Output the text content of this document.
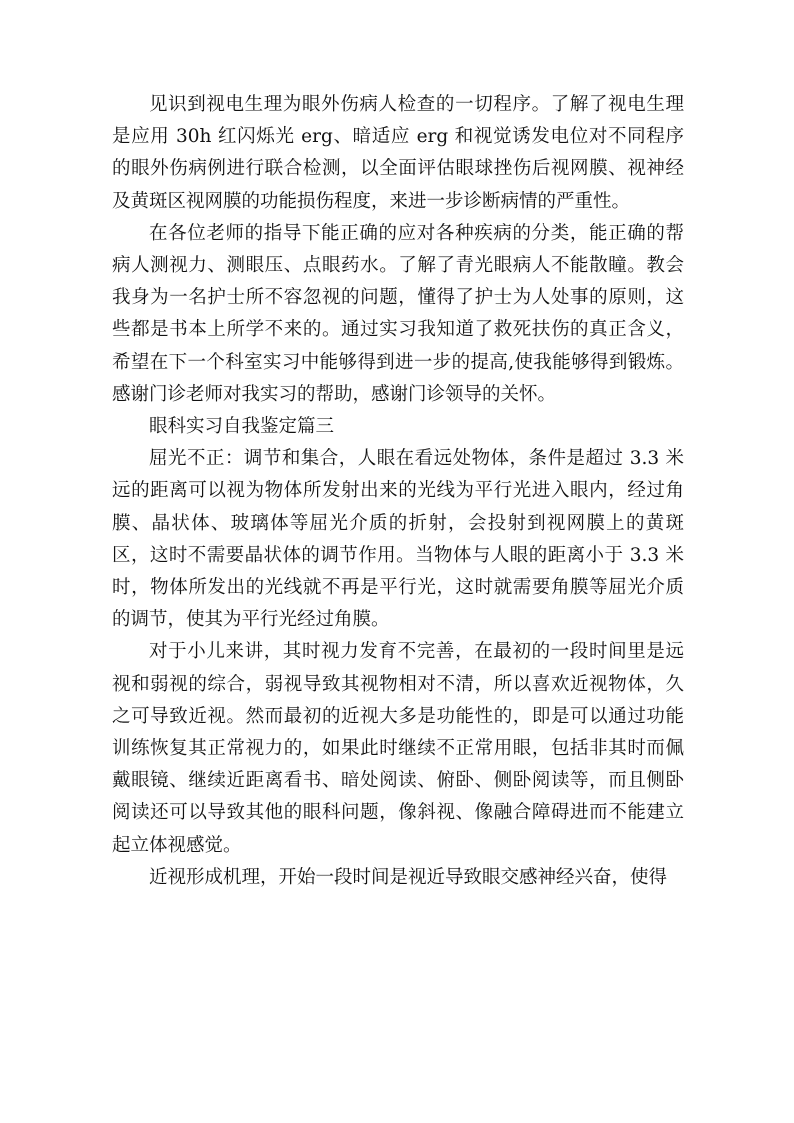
见识到视电生理为眼外伤病人检查的一切程序。了解了视电生理是应用 30h 红闪烁光 erg、暗适应 erg 和视觉诱发电位对不同程序的眼外伤病例进行联合检测，以全面评估眼球挫伤后视网膜、视神经及黄斑区视网膜的功能损伤程度，来进一步诊断病情的严重性。

在各位老师的指导下能正确的应对各种疾病的分类，能正确的帮病人测视力、测眼压、点眼药水。了解了青光眼病人不能散瞳。教会我身为一名护士所不容忽视的问题，懂得了护士为人处事的原则，这些都是书本上所学不来的。通过实习我知道了救死扶伤的真正含义，希望在下一个科室实习中能够得到进一步的提高,使我能够得到锻炼。感谢门诊老师对我实习的帮助，感谢门诊领导的关怀。

眼科实习自我鉴定篇三

屈光不正：调节和集合，人眼在看远处物体，条件是超过 3.3 米远的距离可以视为物体所发射出来的光线为平行光进入眼内，经过角膜、晶状体、玻璃体等屈光介质的折射，会投射到视网膜上的黄斑区，这时不需要晶状体的调节作用。当物体与人眼的距离小于 3.3 米时，物体所发出的光线就不再是平行光，这时就需要角膜等屈光介质的调节，使其为平行光经过角膜。

对于小儿来讲，其时视力发育不完善，在最初的一段时间里是远视和弱视的综合，弱视导致其视物相对不清，所以喜欢近视物体，久之可导致近视。然而最初的近视大多是功能性的，即是可以通过功能训练恢复其正常视力的，如果此时继续不正常用眼，包括非其时而佩戴眼镜、继续近距离看书、暗处阅读、俯卧、侧卧阅读等，而且侧卧阅读还可以导致其他的眼科问题，像斜视、像融合障碍进而不能建立起立体视感觉。

近视形成机理，开始一段时间是视近导致眼交感神经兴奋，使得
